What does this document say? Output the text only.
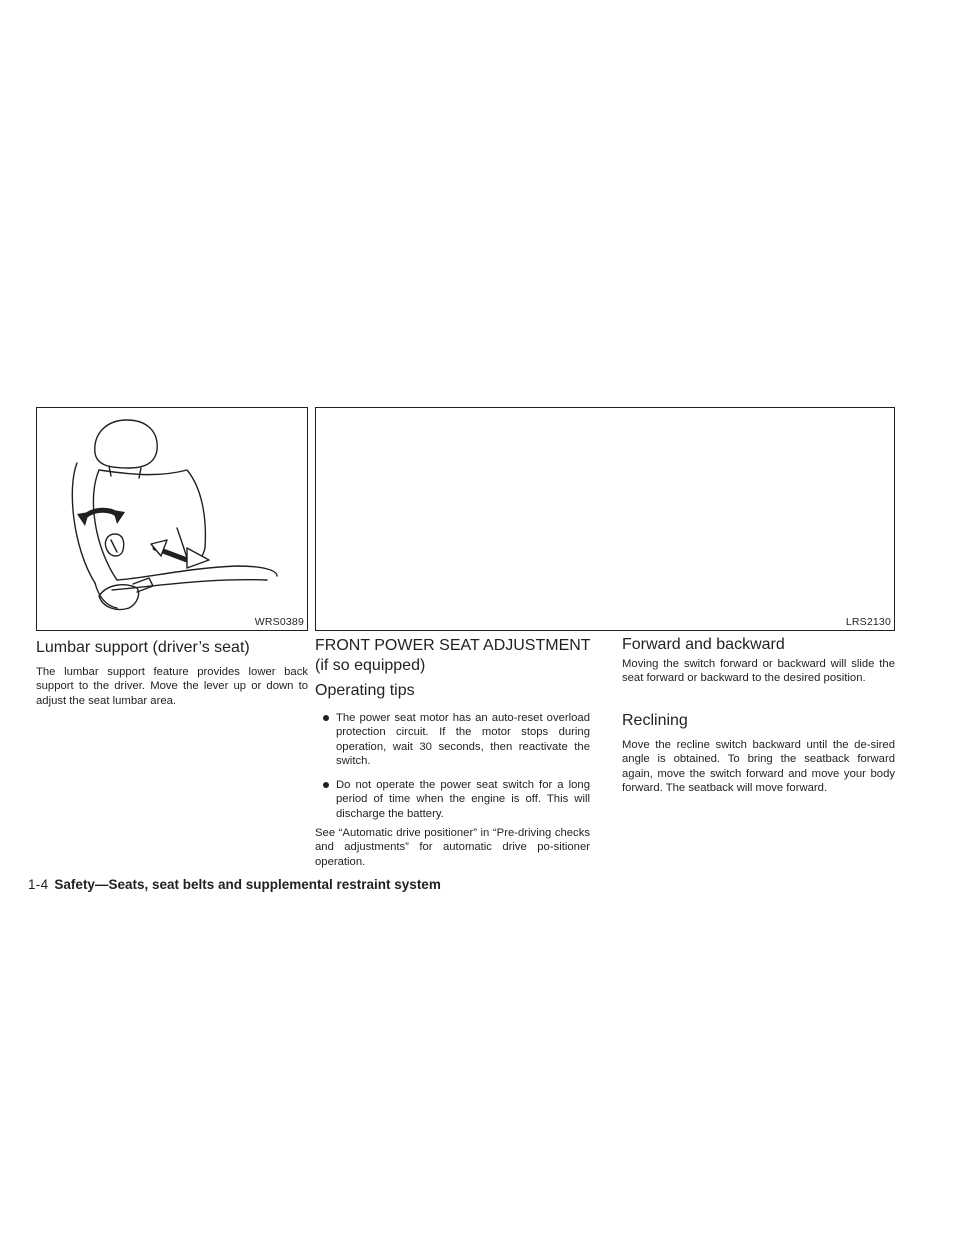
WRS0389	LRS2130
Lumbar support (driver’s seat)

The lumbar support feature provides lower back support to the driver. Move the lever up or down to adjust the seat lumbar area.

FRONT POWER SEAT ADJUSTMENT
(if so equipped)
Operating tips
The power seat motor has an auto-reset overload protection circuit. If the motor stops during operation, wait 30 seconds, then reactivate the switch.
Do not operate the power seat switch for a long period of time when the engine is off. This will discharge the battery.

See “Automatic drive positioner” in “Pre-driving checks and adjustments” for automatic drive po-sitioner operation.

Forward and backward

Moving the switch forward or backward will slide the seat forward or backward to the desired position.

Reclining

Move the recline switch backward until the de-sired angle is obtained. To bring the seatback forward again, move the switch forward and move your body forward. The seatback will move forward.

1-4 Safety—Seats, seat belts and supplemental restraint system
